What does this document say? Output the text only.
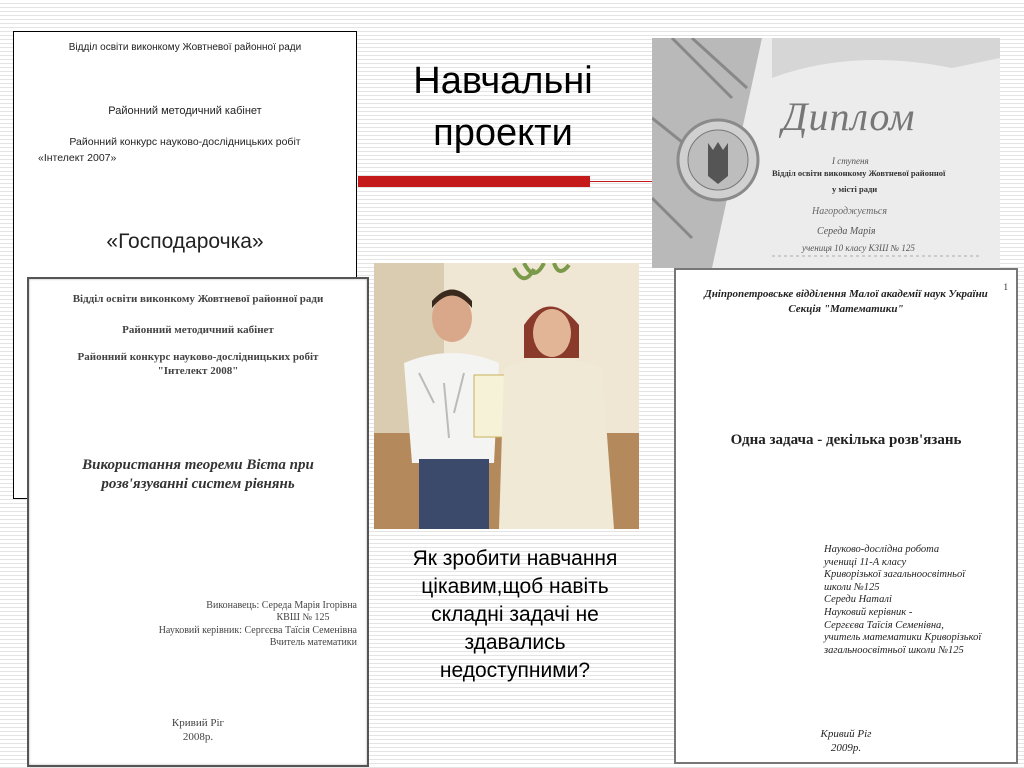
Навчальні
проекти
Відділ освіти виконкому Жовтневої районної ради
Районний методичний кабінет
Районний конкурс науково-дослідницьких робіт
«Інтелект 2007»
«Господарочка»
Відділ освіти виконкому Жовтневої районної ради
Районний методичний кабінет
Районний конкурс науково-дослідницьких робіт
"Інтелект 2008"
Використання теореми Вієта при
розв'язуванні систем рівнянь
Виконавець: Середа Марія Ігорівна
КВШ № 125
Науковий керівник: Сергєєва Таїсія Семенівна
Вчитель математики
Кривий Ріг
2008р.
Як зробити навчання
цікавим,щоб навіть
складні задачі не
здавались
недоступними?
Диплом
I ступеня
Відділ освіти виконкому Жовтневої районної
у місті ради
Нагороджується
Середа Марія
учениця 10 класу КЗШ № 125
1
Дніпропетровське відділення Малої академії наук України
Секція "Математики"
Одна задача - декілька розв'язань
Науково-дослідна робота
учениці 11-А класу
Криворізької загальноосвітньої
школи №125
Середи Наталі
Науковий керівник -
Сергєєва Таїсія Семенівна,
учитель математики Криворізької
загальноосвітньої школи №125
Кривий Ріг
2009р.
